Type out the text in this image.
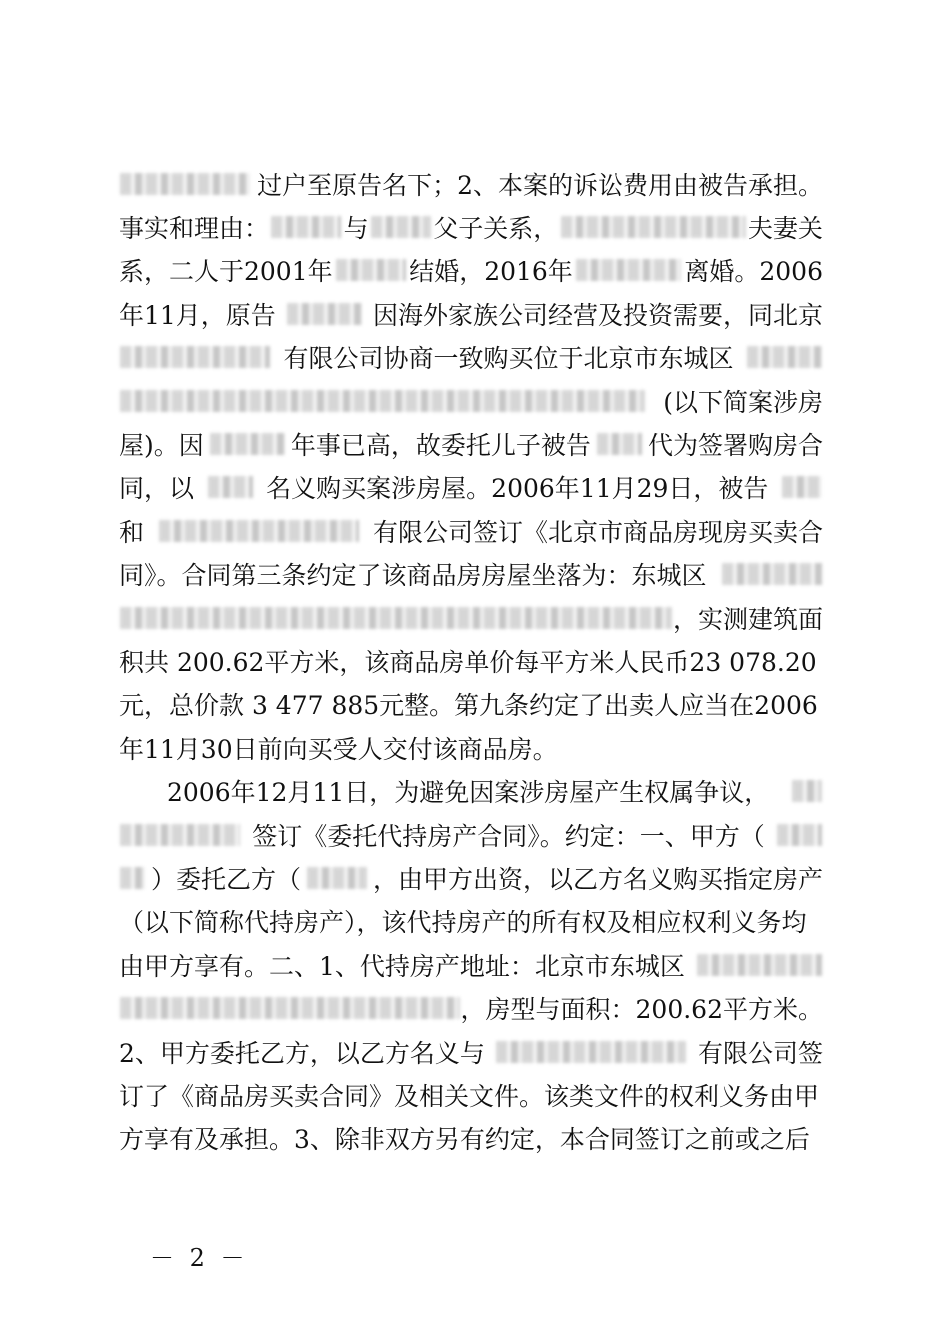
过户至原告名下；2、本案的诉讼费用由被告承担。
事实和理由：	与	父子关系，	夫妻关
系，二人于2001年	结婚，2016年	离婚。2006
年11月，原告	因海外家族公司经营及投资需要，同北京
有限公司协商一致购买位于北京市东城区
(以下简案涉房
屋)。因	年事已高，故委托儿子被告 代为签署购房合
同，以	名义购买案涉房屋。2006年11月29日，被告
和	有限公司签订《北京市商品房现房买卖合
同》。合同第三条约定了该商品房房屋坐落为：东城区
，实测建筑面
积共 200.62平方米，该商品房单价每平方米人民币23 078.20
元，总价款 3 477 885元整。第九条约定了出卖人应当在2006
年11月30日前向买受人交付该商品房。
2006年12月11日，为避免因案涉房屋产生权属争议，
签订《委托代持房产合同》。约定：一、甲方（
）委托乙方（	，由甲方出资，以乙方名义购买指定房产
（以下简称代持房产），该代持房产的所有权及相应权利义务均
由甲方享有。二、1、代持房产地址：北京市东城区
，房型与面积：200.62平方米。
2、甲方委托乙方，以乙方名义与	有限公司签
订了《商品房买卖合同》及相关文件。该类文件的权利义务由甲
方享有及承担。3、除非双方另有约定，本合同签订之前或之后
－ 2 －
